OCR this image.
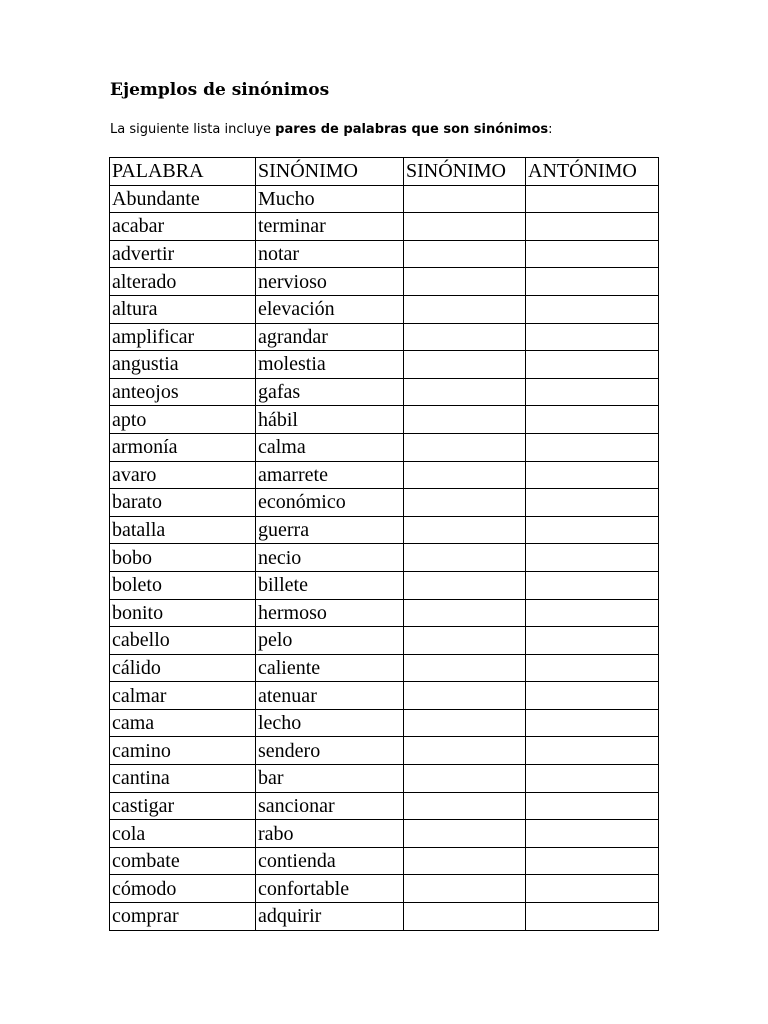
Ejemplos de sinónimos
La siguiente lista incluye pares de palabras que son sinónimos:
PALABRA	SINÓNIMO	SINÓNIMO	ANTÓNIMO
Abundante	Mucho		
acabar	terminar		
advertir	notar		
alterado	nervioso		
altura	elevación		
amplificar	agrandar		
angustia	molestia		
anteojos	gafas		
apto	hábil		
armonía	calma		
avaro	amarrete		
barato	económico		
batalla	guerra		
bobo	necio		
boleto	billete		
bonito	hermoso		
cabello	pelo		
cálido	caliente		
calmar	atenuar		
cama	lecho		
camino	sendero		
cantina	bar		
castigar	sancionar		
cola	rabo		
combate	contienda		
cómodo	confortable		
comprar	adquirir		
